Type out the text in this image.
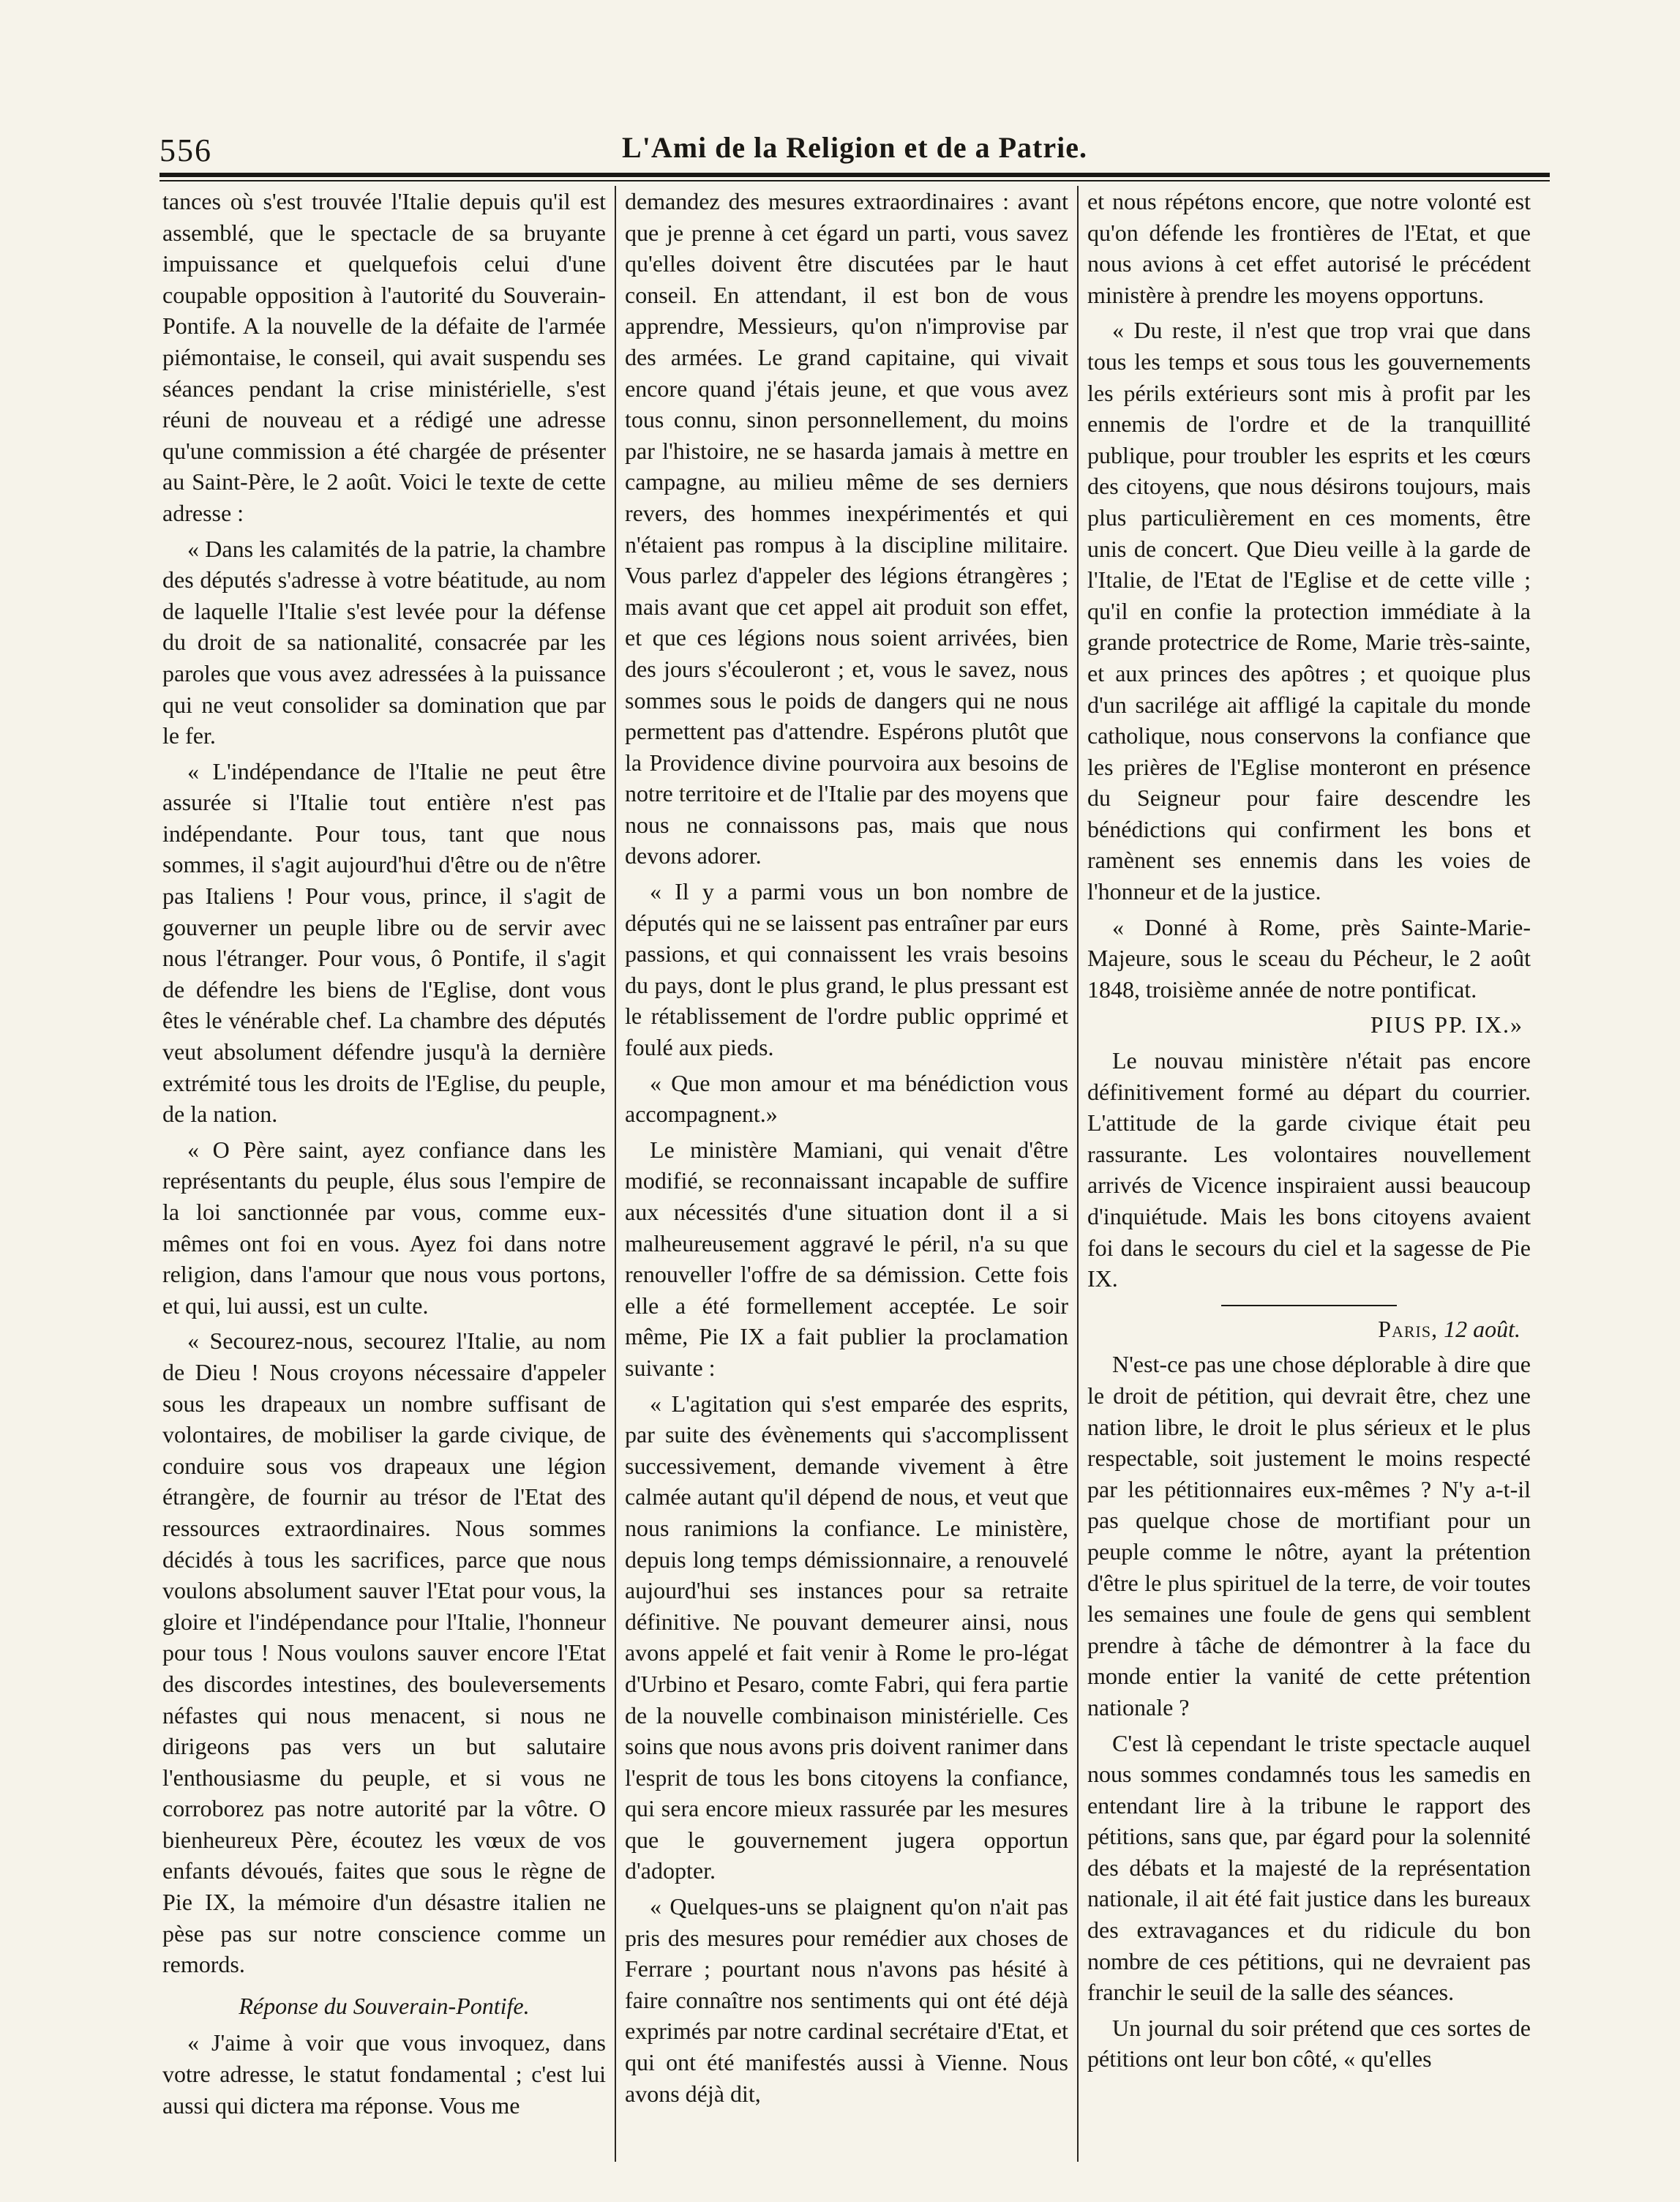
556	L'Ami de la Religion et de a Patrie.

tances où s'est trouvée l'Italie depuis qu'il est assemblé, que le spectacle de sa bruyante impuissance et quelquefois celui d'une coupable opposition à l'autorité du Souverain-Pontife. A la nouvelle de la défaite de l'armée piémontaise, le conseil, qui avait suspendu ses séances pendant la crise ministérielle, s'est réuni de nouveau et a rédigé une adresse qu'une commission a été chargée de présenter au Saint-Père, le 2 août. Voici le texte de cette adresse :

« Dans les calamités de la patrie, la chambre des députés s'adresse à votre béatitude, au nom de laquelle l'Italie s'est levée pour la défense du droit de sa nationalité, consacrée par les paroles que vous avez adressées à la puissance qui ne veut consolider sa domination que par le fer.

« L'indépendance de l'Italie ne peut être assurée si l'Italie tout entière n'est pas indépendante. Pour tous, tant que nous sommes, il s'agit aujourd'hui d'être ou de n'être pas Italiens ! Pour vous, prince, il s'agit de gouverner un peuple libre ou de servir avec nous l'étranger. Pour vous, ô Pontife, il s'agit de défendre les biens de l'Eglise, dont vous êtes le vénérable chef. La chambre des députés veut absolument défendre jusqu'à la dernière extrémité tous les droits de l'Eglise, du peuple, de la nation.

« O Père saint, ayez confiance dans les représentants du peuple, élus sous l'empire de la loi sanctionnée par vous, comme eux-mêmes ont foi en vous. Ayez foi dans notre religion, dans l'amour que nous vous portons, et qui, lui aussi, est un culte.

« Secourez-nous, secourez l'Italie, au nom de Dieu ! Nous croyons nécessaire d'appeler sous les drapeaux un nombre suffisant de volontaires, de mobiliser la garde civique, de conduire sous vos drapeaux une légion étrangère, de fournir au trésor de l'Etat des ressources extraordinaires. Nous sommes décidés à tous les sacrifices, parce que nous voulons absolument sauver l'Etat pour vous, la gloire et l'indépendance pour l'Italie, l'honneur pour tous ! Nous voulons sauver encore l'Etat des discordes intestines, des bouleversements néfastes qui nous menacent, si nous ne dirigeons pas vers un but salutaire l'enthousiasme du peuple, et si vous ne corroborez pas notre autorité par la vôtre. O bienheureux Père, écoutez les vœux de vos enfants dévoués, faites que sous le règne de Pie IX, la mémoire d'un désastre italien ne pèse pas sur notre conscience comme un remords.

Réponse du Souverain-Pontife.

« J'aime à voir que vous invoquez, dans votre adresse, le statut fondamental ; c'est lui aussi qui dictera ma réponse. Vous me

demandez des mesures extraordinaires : avant que je prenne à cet égard un parti, vous savez qu'elles doivent être discutées par le haut conseil. En attendant, il est bon de vous apprendre, Messieurs, qu'on n'improvise par des armées. Le grand capitaine, qui vivait encore quand j'étais jeune, et que vous avez tous connu, sinon personnellement, du moins par l'histoire, ne se hasarda jamais à mettre en campagne, au milieu même de ses derniers revers, des hommes inexpérimentés et qui n'étaient pas rompus à la discipline militaire. Vous parlez d'appeler des légions étrangères ; mais avant que cet appel ait produit son effet, et que ces légions nous soient arrivées, bien des jours s'écouleront ; et, vous le savez, nous sommes sous le poids de dangers qui ne nous permettent pas d'attendre. Espérons plutôt que la Providence divine pourvoira aux besoins de notre territoire et de l'Italie par des moyens que nous ne connaissons pas, mais que nous devons adorer.

« Il y a parmi vous un bon nombre de députés qui ne se laissent pas entraîner par eurs passions, et qui connaissent les vrais besoins du pays, dont le plus grand, le plus pressant est le rétablissement de l'ordre public opprimé et foulé aux pieds.

« Que mon amour et ma bénédiction vous accompagnent.»

Le ministère Mamiani, qui venait d'être modifié, se reconnaissant incapable de suffire aux nécessités d'une situation dont il a si malheureusement aggravé le péril, n'a su que renouveller l'offre de sa démission. Cette fois elle a été formellement acceptée. Le soir même, Pie IX a fait publier la proclamation suivante :

« L'agitation qui s'est emparée des esprits, par suite des évènements qui s'accomplissent successivement, demande vivement à être calmée autant qu'il dépend de nous, et veut que nous ranimions la confiance. Le ministère, depuis long temps démissionnaire, a renouvelé aujourd'hui ses instances pour sa retraite définitive. Ne pouvant demeurer ainsi, nous avons appelé et fait venir à Rome le pro-légat d'Urbino et Pesaro, comte Fabri, qui fera partie de la nouvelle combinaison ministérielle. Ces soins que nous avons pris doivent ranimer dans l'esprit de tous les bons citoyens la confiance, qui sera encore mieux rassurée par les mesures que le gouvernement jugera opportun d'adopter.

« Quelques-uns se plaignent qu'on n'ait pas pris des mesures pour remédier aux choses de Ferrare ; pourtant nous n'avons pas hésité à faire connaître nos sentiments qui ont été déjà exprimés par notre cardinal secrétaire d'Etat, et qui ont été manifestés aussi à Vienne. Nous avons déjà dit,

et nous répétons encore, que notre volonté est qu'on défende les frontières de l'Etat, et que nous avions à cet effet autorisé le précédent ministère à prendre les moyens opportuns.

« Du reste, il n'est que trop vrai que dans tous les temps et sous tous les gouvernements les périls extérieurs sont mis à profit par les ennemis de l'ordre et de la tranquillité publique, pour troubler les esprits et les cœurs des citoyens, que nous désirons toujours, mais plus particulièrement en ces moments, être unis de concert. Que Dieu veille à la garde de l'Italie, de l'Etat de l'Eglise et de cette ville ; qu'il en confie la protection immédiate à la grande protectrice de Rome, Marie très-sainte, et aux princes des apôtres ; et quoique plus d'un sacrilége ait affligé la capitale du monde catholique, nous conservons la confiance que les prières de l'Eglise monteront en présence du Seigneur pour faire descendre les bénédictions qui confirment les bons et ramènent ses ennemis dans les voies de l'honneur et de la justice.

« Donné à Rome, près Sainte-Marie-Majeure, sous le sceau du Pécheur, le 2 août 1848, troisième année de notre pontificat.

PIUS PP. IX.»

Le nouvau ministère n'était pas encore définitivement formé au départ du courrier. L'attitude de la garde civique était peu rassurante. Les volontaires nouvellement arrivés de Vicence inspiraient aussi beaucoup d'inquiétude. Mais les bons citoyens avaient foi dans le secours du ciel et la sagesse de Pie IX.

Paris, 12 août.

N'est-ce pas une chose déplorable à dire que le droit de pétition, qui devrait être, chez une nation libre, le droit le plus sérieux et le plus respectable, soit justement le moins respecté par les pétitionnaires eux-mêmes ? N'y a-t-il pas quelque chose de mortifiant pour un peuple comme le nôtre, ayant la prétention d'être le plus spirituel de la terre, de voir toutes les semaines une foule de gens qui semblent prendre à tâche de démontrer à la face du monde entier la vanité de cette prétention nationale ?

C'est là cependant le triste spectacle auquel nous sommes condamnés tous les samedis en entendant lire à la tribune le rapport des pétitions, sans que, par égard pour la solennité des débats et la majesté de la représentation nationale, il ait été fait justice dans les bureaux des extravagances et du ridicule du bon nombre de ces pétitions, qui ne devraient pas franchir le seuil de la salle des séances.

Un journal du soir prétend que ces sortes de pétitions ont leur bon côté, « qu'elles
